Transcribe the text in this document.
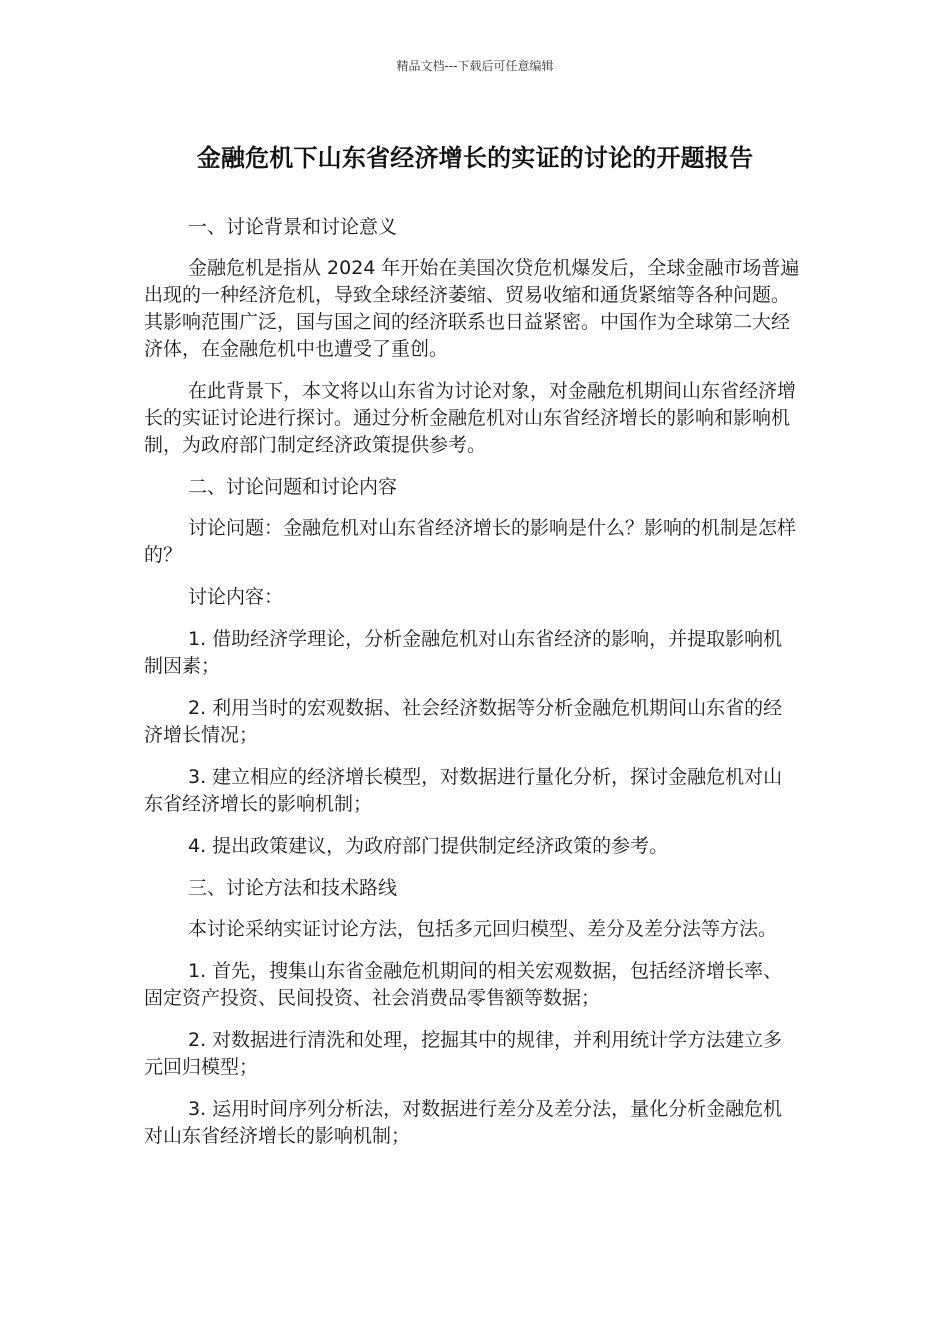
精品文档---下载后可任意编辑
金融危机下山东省经济增长的实证的讨论的开题报告

一、讨论背景和讨论意义

金融危机是指从 2024 年开始在美国次贷危机爆发后，全球金融市场普遍出现的一种经济危机，导致全球经济萎缩、贸易收缩和通货紧缩等各种问题。其影响范围广泛，国与国之间的经济联系也日益紧密。中国作为全球第二大经济体，在金融危机中也遭受了重创。

在此背景下，本文将以山东省为讨论对象，对金融危机期间山东省经济增长的实证讨论进行探讨。通过分析金融危机对山东省经济增长的影响和影响机制，为政府部门制定经济政策提供参考。

二、讨论问题和讨论内容

讨论问题：金融危机对山东省经济增长的影响是什么？影响的机制是怎样的？

讨论内容：

1. 借助经济学理论，分析金融危机对山东省经济的影响，并提取影响机制因素；

2. 利用当时的宏观数据、社会经济数据等分析金融危机期间山东省的经济增长情况；

3. 建立相应的经济增长模型，对数据进行量化分析，探讨金融危机对山东省经济增长的影响机制；

4. 提出政策建议，为政府部门提供制定经济政策的参考。

三、讨论方法和技术路线

本讨论采纳实证讨论方法，包括多元回归模型、差分及差分法等方法。

1. 首先，搜集山东省金融危机期间的相关宏观数据，包括经济增长率、固定资产投资、民间投资、社会消费品零售额等数据；

2. 对数据进行清洗和处理，挖掘其中的规律，并利用统计学方法建立多元回归模型；

3. 运用时间序列分析法，对数据进行差分及差分法，量化分析金融危机对山东省经济增长的影响机制；
